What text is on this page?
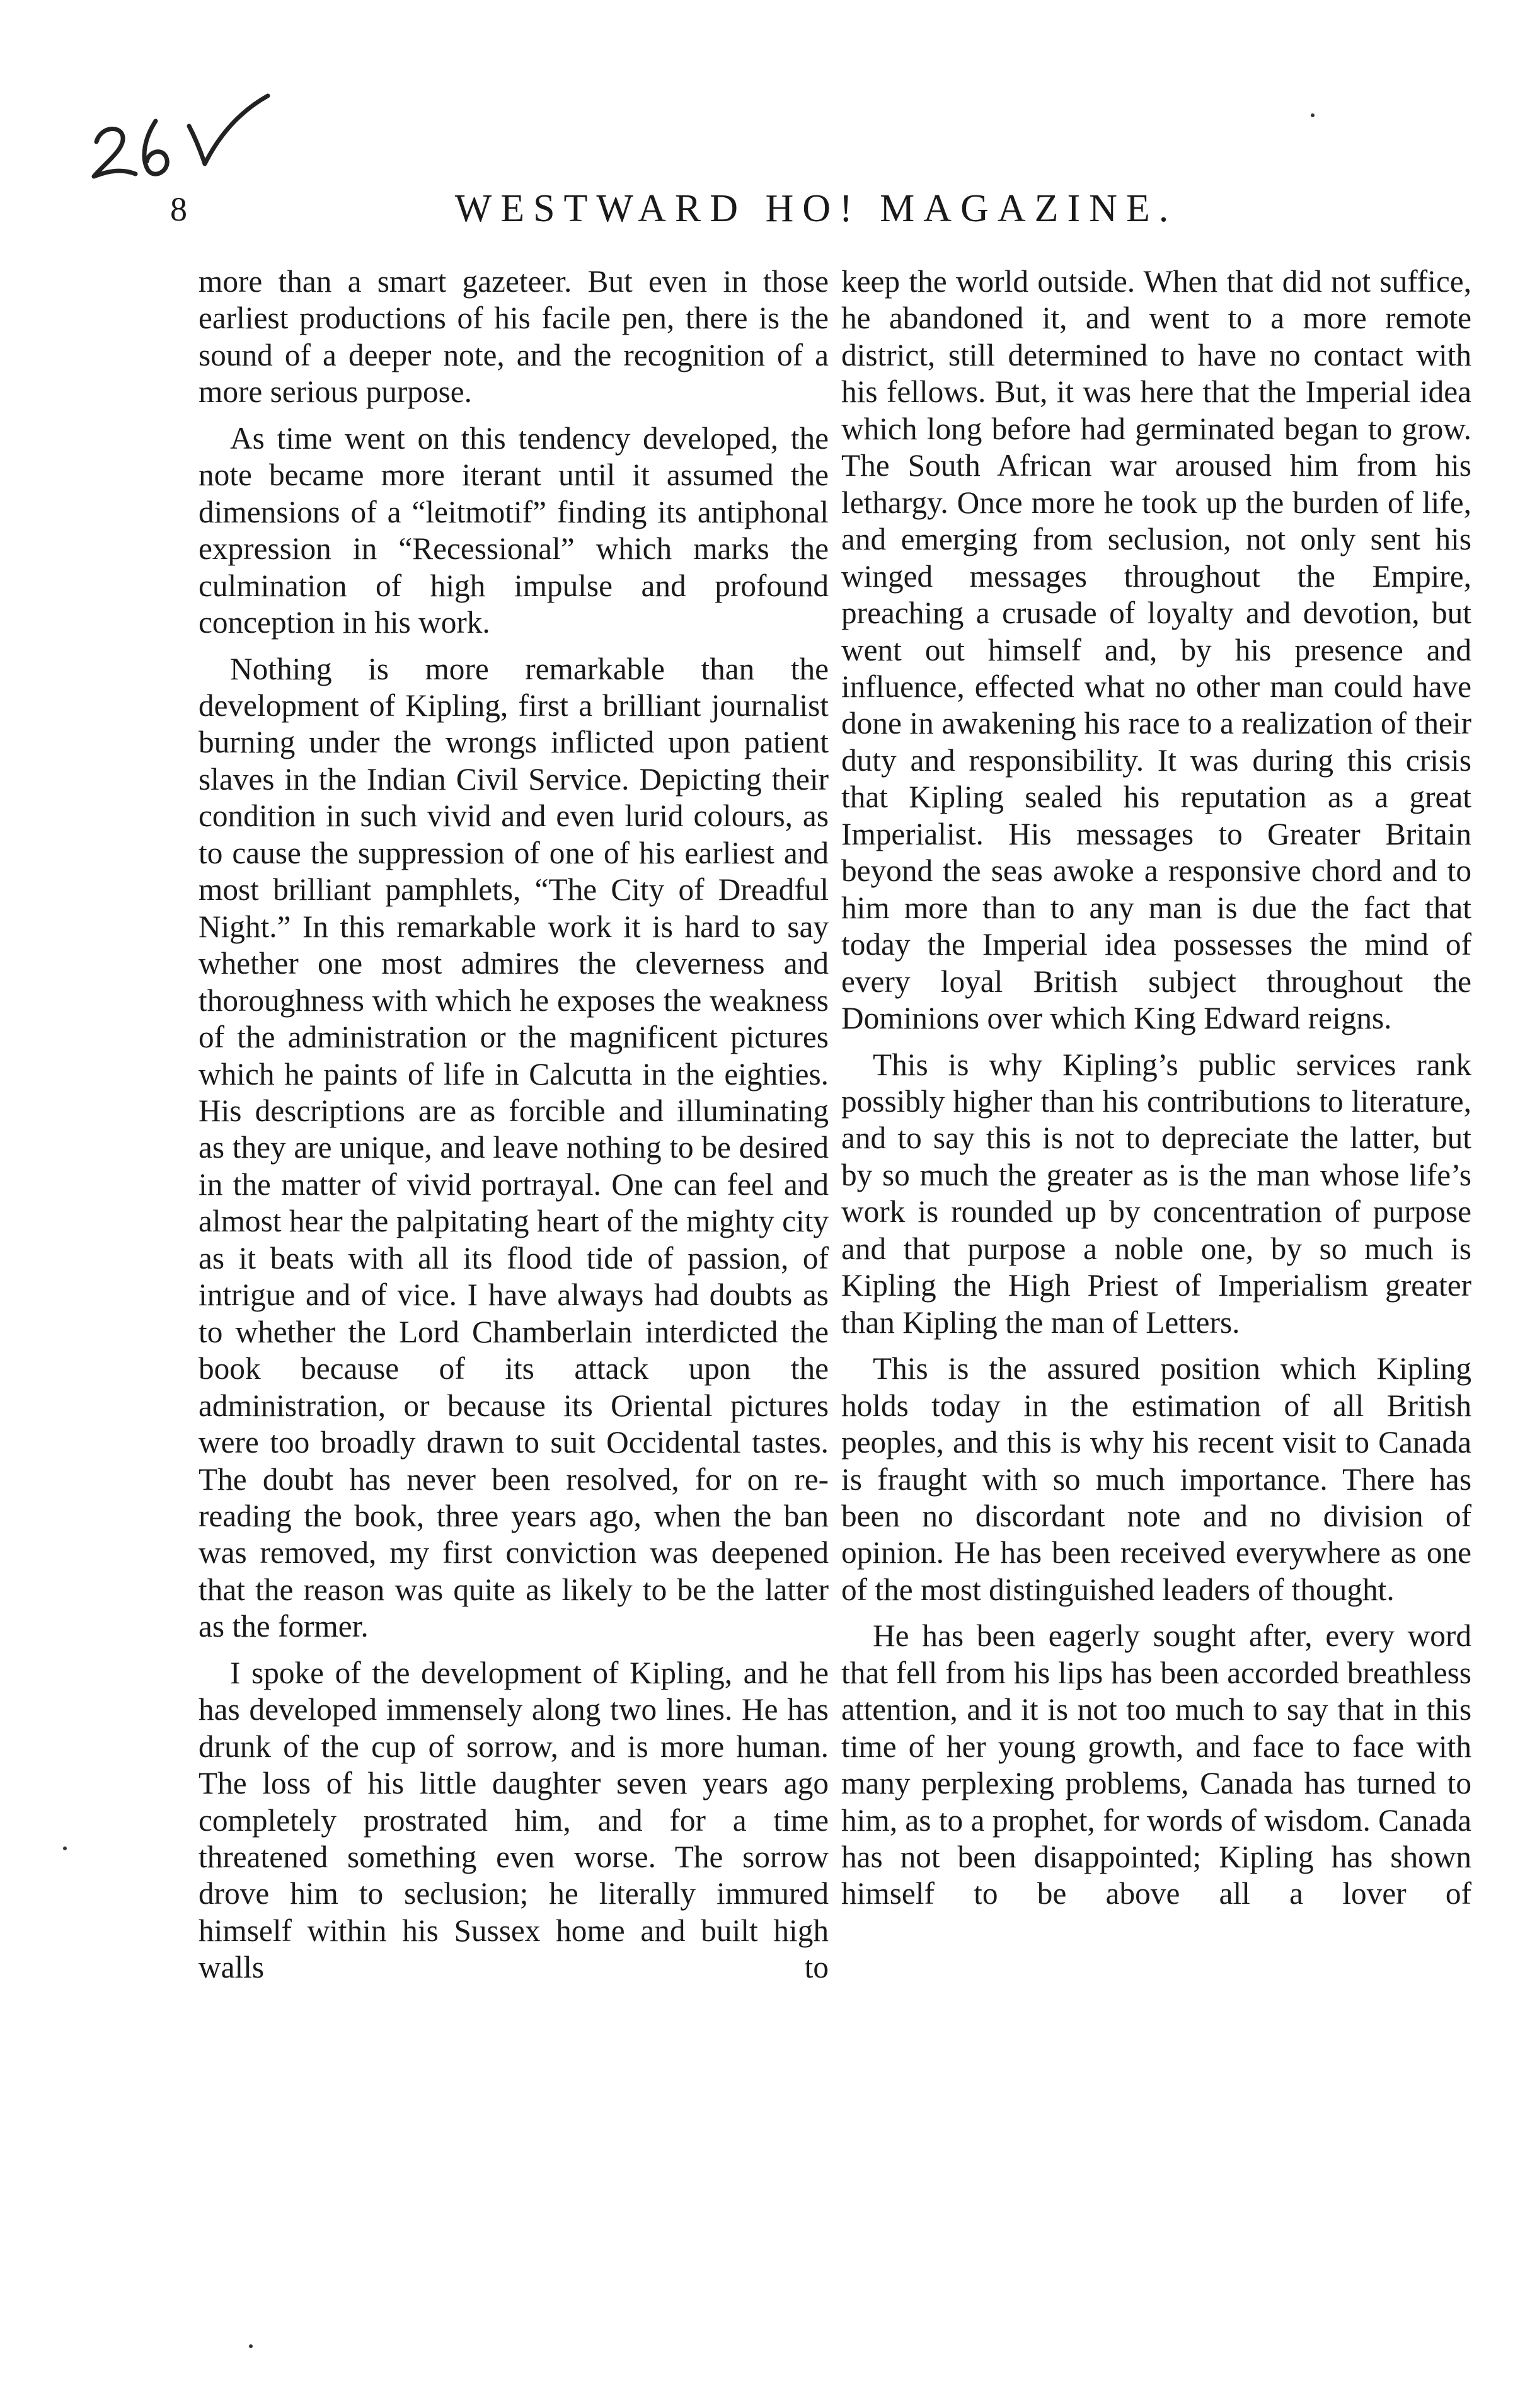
8	WESTWARD HO! MAGAZINE.

more than a smart gazeteer. But even in those earliest productions of his facile pen, there is the sound of a deeper note, and the recognition of a more serious purpose.

As time went on this tendency developed, the note became more iterant until it assumed the dimensions of a “leitmotif” finding its antiphonal expression in “Recessional” which marks the culmination of high impulse and profound conception in his work.

Nothing is more remarkable than the development of Kipling, first a brilliant journalist burning under the wrongs inflicted upon patient slaves in the Indian Civil Service. Depicting their condition in such vivid and even lurid colours, as to cause the suppression of one of his earliest and most brilliant pamphlets, “The City of Dreadful Night.” In this remarkable work it is hard to say whether one most admires the cleverness and thoroughness with which he exposes the weakness of the administration or the magnificent pictures which he paints of life in Calcutta in the eighties. His descriptions are as forcible and illuminating as they are unique, and leave nothing to be desired in the matter of vivid portrayal. One can feel and almost hear the palpitating heart of the mighty city as it beats with all its flood tide of passion, of intrigue and of vice. I have always had doubts as to whether the Lord Chamberlain interdicted the book because of its attack upon the administration, or because its Oriental pictures were too broadly drawn to suit Occidental tastes. The doubt has never been resolved, for on re-reading the book, three years ago, when the ban was removed, my first conviction was deepened that the reason was quite as likely to be the latter as the former.

I spoke of the development of Kipling, and he has developed immensely along two lines. He has drunk of the cup of sorrow, and is more human. The loss of his little daughter seven years ago completely prostrated him, and for a time threatened something even worse. The sorrow drove him to seclusion; he literally immured himself within his Sussex home and built high walls to

keep the world outside. When that did not suffice, he abandoned it, and went to a more remote district, still determined to have no contact with his fellows. But, it was here that the Imperial idea which long before had germinated began to grow. The South African war aroused him from his lethargy. Once more he took up the burden of life, and emerging from seclusion, not only sent his winged messages throughout the Empire, preaching a crusade of loyalty and devotion, but went out himself and, by his presence and influence, effected what no other man could have done in awakening his race to a realization of their duty and responsibility. It was during this crisis that Kipling sealed his reputation as a great Imperialist. His messages to Greater Britain beyond the seas awoke a responsive chord and to him more than to any man is due the fact that today the Imperial idea possesses the mind of every loyal British subject throughout the Dominions over which King Edward reigns.

This is why Kipling’s public services rank possibly higher than his contributions to literature, and to say this is not to depreciate the latter, but by so much the greater as is the man whose life’s work is rounded up by concentration of purpose and that purpose a noble one, by so much is Kipling the High Priest of Imperialism greater than Kipling the man of Letters.

This is the assured position which Kipling holds today in the estimation of all British peoples, and this is why his recent visit to Canada is fraught with so much importance. There has been no discordant note and no division of opinion. He has been received everywhere as one of the most distinguished leaders of thought.

He has been eagerly sought after, every word that fell from his lips has been accorded breathless attention, and it is not too much to say that in this time of her young growth, and face to face with many perplexing problems, Canada has turned to him, as to a prophet, for words of wisdom. Canada has not been disappointed; Kipling has shown himself to be above all a lover of
